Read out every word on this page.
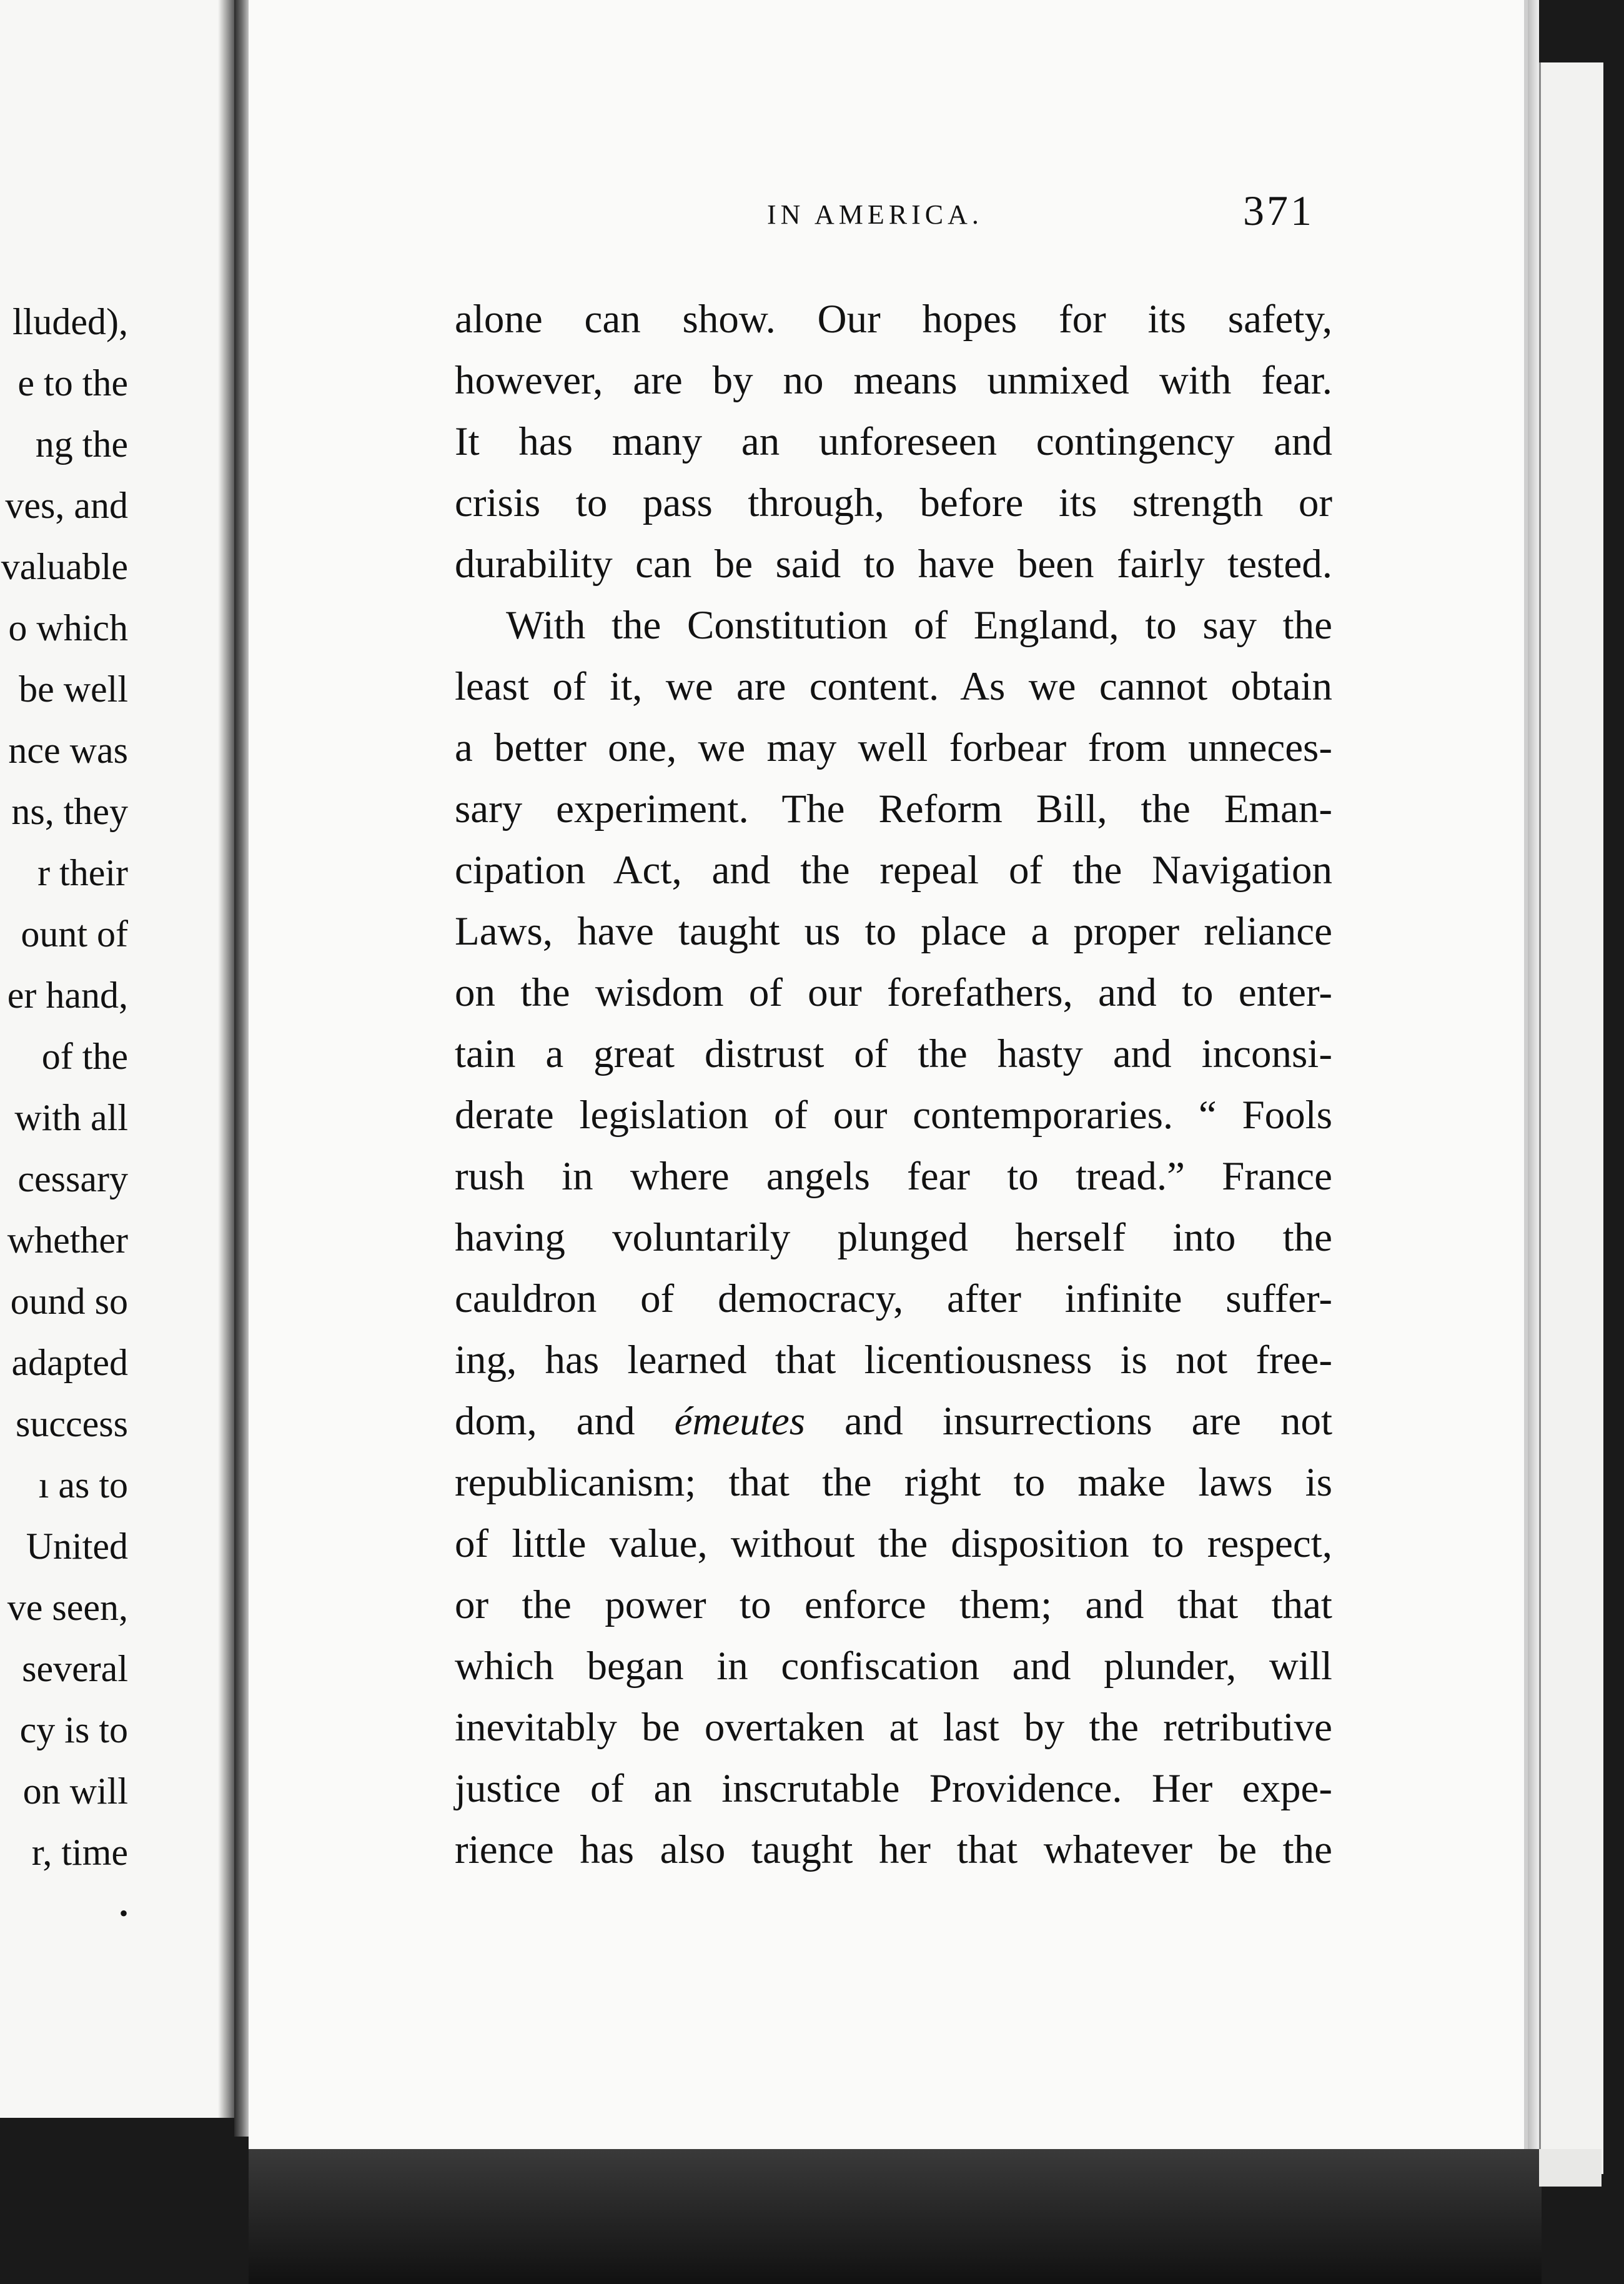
lluded),
e to the
ng the
ves, and
valuable
o which
be well
nce was
ns, they
r their
ount of
er hand,
of the
with all
cessary
whether
ound so
adapted
success
ı as to
United
ve seen,
several
cy is to
on will
r, time
•
IN AMERICA.	371
alone can show. Our hopes for its safety,
however, are by no means unmixed with fear.
It has many an unforeseen contingency and
crisis to pass through, before its strength or
durability can be said to have been fairly tested.
With the Constitution of England, to say the
least of it, we are content. As we cannot obtain
a better one, we may well forbear from unneces-
sary experiment. The Reform Bill, the Eman-
cipation Act, and the repeal of the Navigation
Laws, have taught us to place a proper reliance
on the wisdom of our forefathers, and to enter-
tain a great distrust of the hasty and inconsi-
derate legislation of our contemporaries. “ Fools
rush in where angels fear to tread.” France
having voluntarily plunged herself into the
cauldron of democracy, after infinite suffer-
ing, has learned that licentiousness is not free-
dom, and émeutes and insurrections are not
republicanism; that the right to make laws is
of little value, without the disposition to respect,
or the power to enforce them; and that that
which began in confiscation and plunder, will
inevitably be overtaken at last by the retributive
justice of an inscrutable Providence. Her expe-
rience has also taught her that whatever be the
